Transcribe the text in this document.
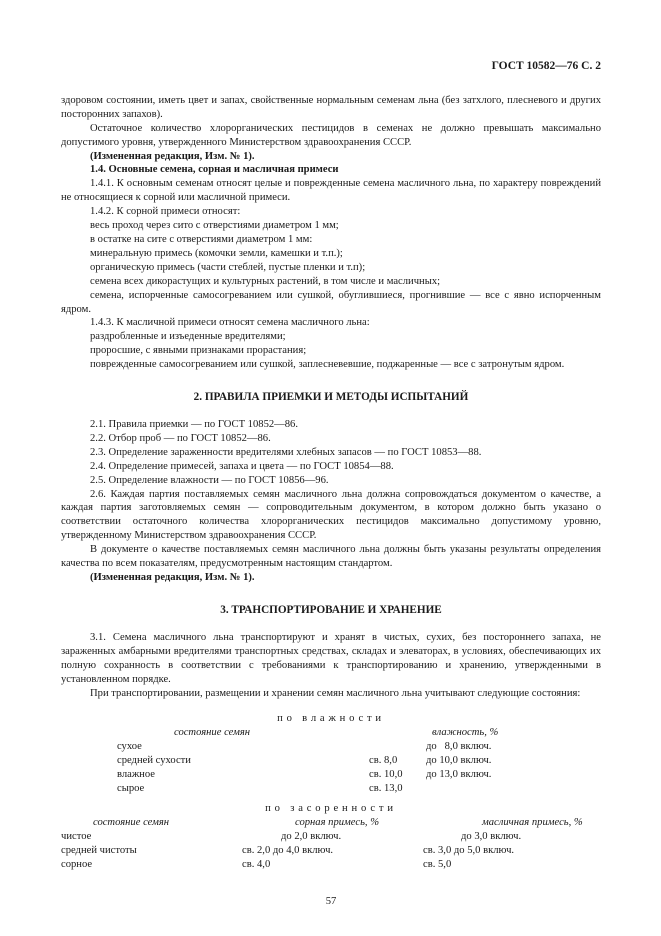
ГОСТ 10582—76 С. 2

здоровом состоянии, иметь цвет и запах, свойственные нормальным семенам льна (без затхлого, плесневого и других посторонних запахов).

Остаточное количество хлорорганических пестицидов в семенах не должно превышать максимально допустимого уровня, утвержденного Министерством здравоохранения СССР.

(Измененная редакция, Изм. № 1).

1.4. Основные семена, сорная и масличная примеси

1.4.1. К основным семенам относят целые и поврежденные семена масличного льна, по характеру повреждений не относящиеся к сорной или масличной примеси.

1.4.2. К сорной примеси относят:

весь проход через сито с отверстиями диаметром 1 мм;

в остатке на сите с отверстиями диаметром 1 мм:

минеральную примесь (комочки земли, камешки и т.п.);

органическую примесь (части стеблей, пустые пленки и т.п);

семена всех дикорастущих и культурных растений, в том числе и масличных;

семена, испорченные самосогреванием или сушкой, обуглившиеся, прогнившие — все с явно испорченным ядром.

1.4.3. К масличной примеси относят семена масличного льна:

раздробленные и изъеденные вредителями;

проросшие, с явными признаками прорастания;

поврежденные самосогреванием или сушкой, заплесневевшие, поджаренные — все с затронутым ядром.

2. ПРАВИЛА ПРИЕМКИ И МЕТОДЫ ИСПЫТАНИЙ

2.1. Правила приемки — по ГОСТ 10852—86.

2.2. Отбор проб — по ГОСТ 10852—86.

2.3. Определение зараженности вредителями хлебных запасов — по ГОСТ 10853—88.

2.4. Определение примесей, запаха и цвета — по ГОСТ 10854—88.

2.5. Определение влажности — по ГОСТ 10856—96.

2.6. Каждая партия поставляемых семян масличного льна должна сопровождаться документом о качестве, а каждая партия заготовляемых семян — сопроводительным документом, в котором должно быть указано о соответствии остаточного количества хлорорганических пестицидов максимально допустимому уровню, утвержденному Министерством здравоохранения СССР.

В документе о качестве поставляемых семян масличного льна должны быть указаны результаты определения качества по всем показателям, предусмотренным настоящим стандартом.

(Измененная редакция, Изм. № 1).

3. ТРАНСПОРТИРОВАНИЕ И ХРАНЕНИЕ

3.1. Семена масличного льна транспортируют и хранят в чистых, сухих, без постороннего запаха, не зараженных амбарными вредителями транспортных средствах, складах и элеваторах, в условиях, обеспечивающих их полную сохранность в соответствии с требованиями к транспортированию и хранению, утвержденными в установленном порядке.

При транспортировании, размещении и хранении семян масличного льна учитывают следующие состояния:

по влажности
	состояние семян		влажность, %
	сухое		до   8,0 включ.
	средней сухости	св. 8,0	до 10,0 включ.
	влажное	св. 10,0	до 13,0 включ.
	сырое	св. 13,0	
по засоренности
состояние семян	сорная примесь, %	масличная примесь, %
чистое	до 2,0 включ.	до 3,0 включ.
средней чистоты	св. 2,0 до 4,0 включ.	св. 3,0 до 5,0 включ.
сорное	св. 4,0	св. 5,0
57
